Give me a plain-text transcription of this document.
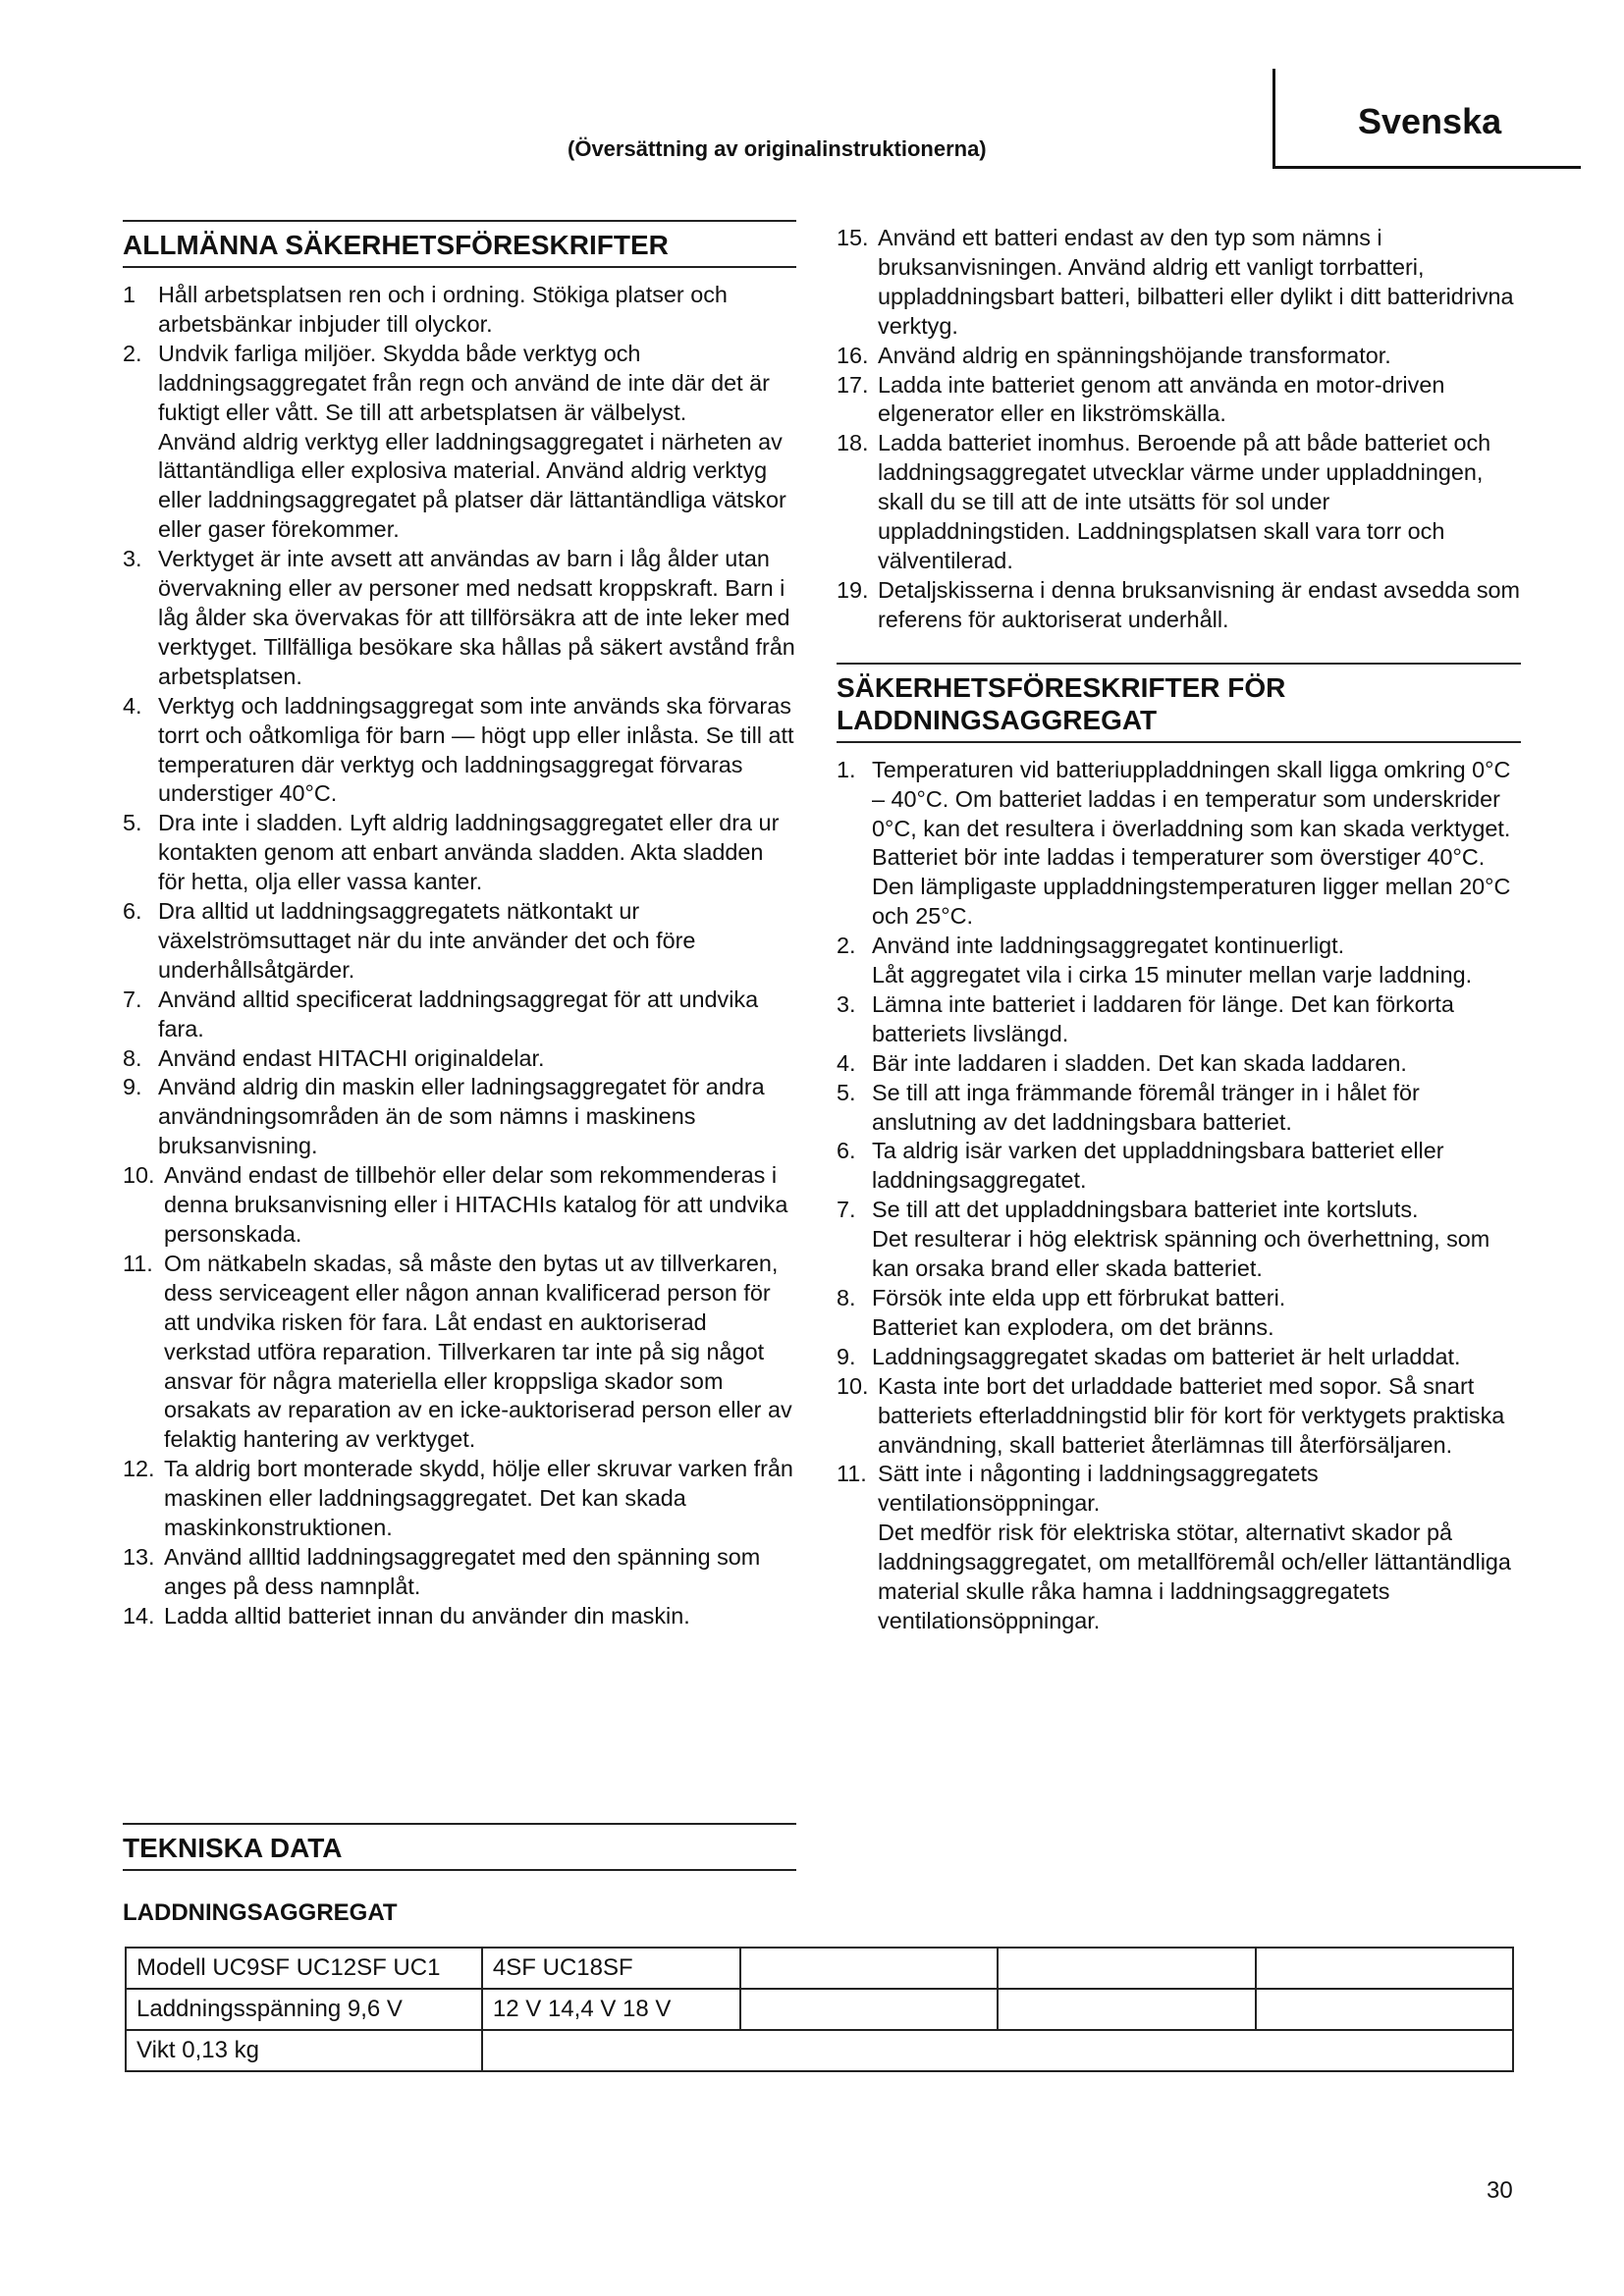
Svenska
(Översättning av originalinstruktionerna)
ALLMÄNNA SÄKERHETSFÖRESKRIFTER
1 Håll arbetsplatsen ren och i ordning. Stökiga platser och arbetsbänkar inbjuder till olyckor.

2. Undvik farliga miljöer. Skydda både verktyg och laddningsaggregatet från regn och använd de inte där det är fuktigt eller vått. Se till att arbetsplatsen är välbelyst.

Använd aldrig verktyg eller laddningsaggregatet i närheten av lättantändliga eller explosiva material. Använd aldrig verktyg eller laddningsaggregatet på platser där lättantändliga vätskor eller gaser förekommer.

3. Verktyget är inte avsett att användas av barn i låg ålder utan övervakning eller av personer med nedsatt kroppskraft. Barn i låg ålder ska övervakas för att tillförsäkra att de inte leker med verktyget. Tillfälliga besökare ska hållas på säkert avstånd från arbetsplatsen.

4. Verktyg och laddningsaggregat som inte används ska förvaras torrt och oåtkomliga för barn — högt upp eller inlåsta. Se till att temperaturen där verktyg och laddningsaggregat förvaras understiger 40°C.

5. Dra inte i sladden. Lyft aldrig laddningsaggregatet eller dra ur kontakten genom att enbart använda sladden. Akta sladden för hetta, olja eller vassa kanter.

6. Dra alltid ut laddningsaggregatets nätkontakt ur växelströmsuttaget när du inte använder det och före underhållsåtgärder.

7. Använd alltid specificerat laddningsaggregat för att undvika fara.

8. Använd endast HITACHI originaldelar.

9. Använd aldrig din maskin eller ladningsaggregatet för andra användningsområden än de som nämns i maskinens bruksanvisning.

10. Använd endast de tillbehör eller delar som rekommenderas i denna bruksanvisning eller i HITACHIs katalog för att undvika personskada.

11. Om nätkabeln skadas, så måste den bytas ut av tillverkaren, dess serviceagent eller någon annan kvalificerad person för att undvika risken för fara. Låt endast en auktoriserad verkstad utföra reparation. Tillverkaren tar inte på sig något ansvar för några materiella eller kroppsliga skador som orsakats av reparation av en icke-auktoriserad person eller av felaktig hantering av verktyget.

12. Ta aldrig bort monterade skydd, hölje eller skruvar varken från maskinen eller laddningsaggregatet. Det kan skada maskinkonstruktionen.

13. Använd allltid laddningsaggregatet med den spänning som anges på dess namnplåt.

14. Ladda alltid batteriet innan du använder din maskin.

15. Använd ett batteri endast av den typ som nämns i bruksanvisningen. Använd aldrig ett vanligt torrbatteri, uppladdningsbart batteri, bilbatteri eller dylikt i ditt batteridrivna verktyg.

16. Använd aldrig en spänningshöjande transformator.

17. Ladda inte batteriet genom att använda en motor-driven elgenerator eller en likströmskälla.

18. Ladda batteriet inomhus. Beroende på att både batteriet och laddningsaggregatet utvecklar värme under uppladdningen, skall du se till att de inte utsätts för sol under uppladdningstiden. Laddningsplatsen skall vara torr och välventilerad.

19. Detaljskisserna i denna bruksanvisning är endast avsedda som referens för auktoriserat underhåll.

SÄKERHETSFÖRESKRIFTER FÖR
LADDNINGSAGGREGAT
1. Temperaturen vid batteriuppladdningen skall ligga omkring 0°C – 40°C. Om batteriet laddas i en temperatur som underskrider 0°C, kan det resultera i överladdning som kan skada verktyget.

Batteriet bör inte laddas i temperaturer som överstiger 40°C.

Den lämpligaste uppladdningstemperaturen ligger mellan 20°C och 25°C.

2. Använd inte laddningsaggregatet kontinuerligt.

Låt aggregatet vila i cirka 15 minuter mellan varje laddning.

3. Lämna inte batteriet i laddaren för länge. Det kan förkorta batteriets livslängd.

4. Bär inte laddaren i sladden. Det kan skada laddaren.

5. Se till att inga främmande föremål tränger in i hålet för anslutning av det laddningsbara batteriet.

6. Ta aldrig isär varken det uppladdningsbara batteriet eller laddningsaggregatet.

7. Se till att det uppladdningsbara batteriet inte kortsluts.

Det resulterar i hög elektrisk spänning och överhettning, som kan orsaka brand eller skada batteriet.

8. Försök inte elda upp ett förbrukat batteri.

Batteriet kan explodera, om det bränns.

9. Laddningsaggregatet skadas om batteriet är helt urladdat.

10. Kasta inte bort det urladdade batteriet med sopor. Så snart batteriets efterladdningstid blir för kort för verktygets praktiska användning, skall batteriet återlämnas till återförsäljaren.

11. Sätt inte i någonting i laddningsaggregatets ventilationsöppningar.

Det medför risk för elektriska stötar, alternativt skador på laddningsaggregatet, om metallföremål och/eller lättantändliga material skulle råka hamna i laddningsaggregatets ventilationsöppningar.

TEKNISKA DATA
LADDNINGSAGGREGAT
Modell UC9SF UC12SF UC1	4SF UC18SF			
Laddningsspänning 9,6 V	12 V 14,4 V 18 V			
Vikt 0,13 kg				
30
